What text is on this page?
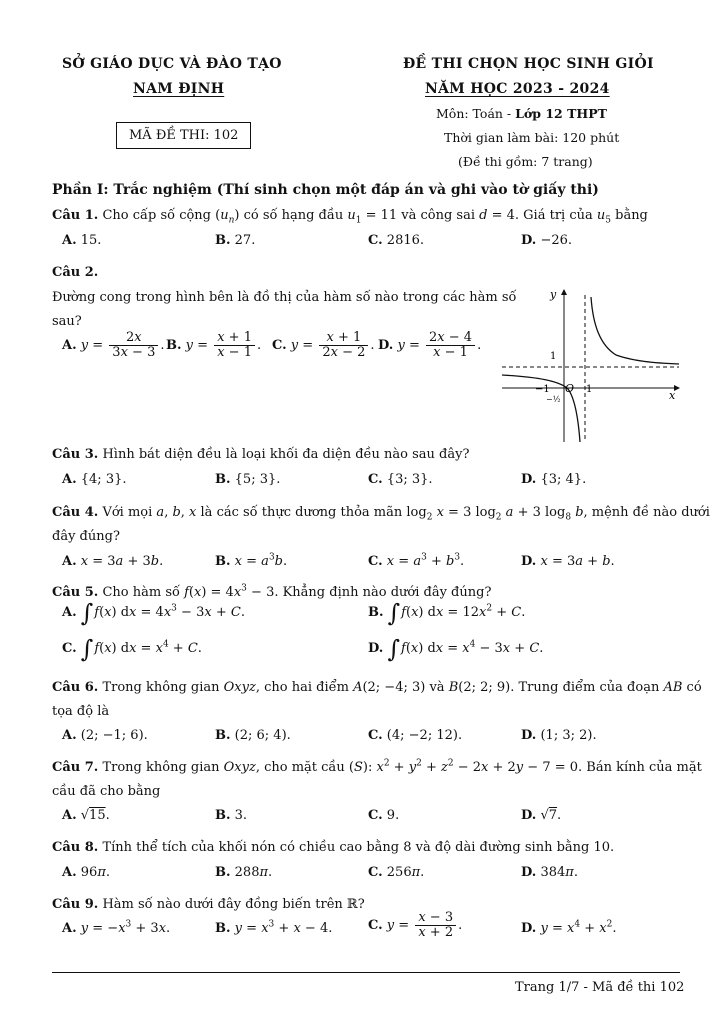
SỞ GIÁO DỤC VÀ ĐÀO TẠO
NAM ĐỊNH
MÃ ĐỀ THI: 102
ĐỀ THI CHỌN HỌC SINH GIỎI
NĂM HỌC 2023 - 2024
Môn: Toán - Lớp 12 THPT
Thời gian làm bài: 120 phút
(Đề thi gồm: 7 trang)
Phần I: Trắc nghiệm (Thí sinh chọn một đáp án và ghi vào tờ giấy thi)
Câu 1. Cho cấp số cộng $(u_n)$ có số hạng đầu $u_1 = 11$ và công sai d = 4. Giá trị của $u_5$ bằng
A. 15.	B. 27.	C. 2816.	D. −26.
Câu 2.
Đường cong trong hình bên là đồ thị của hàm số nào trong các hàm số
sau?
A. $y = \frac{2x}{3x - 3}$ . B. $y = \frac{x + 1}{x - 1}$ . C. $y = \frac{x + 1}{2x - 2}$ . D. $y = \frac{2x - 4}{x - 1}$ .
y
x
O
1
−1	1
−½
Câu 3. Hình bát diện đều là loại khối đa diện đều nào sau đây?
A. {4; 3}.	B. {5; 3}.	C. {3; 3}.	D. {3; 4}.
Câu 4. Với mọi a, b, x là các số thực dương thỏa mãn $\log_2 x = 3$ $\log_2 a + 3$ $\log_8 b$, mệnh đề nào dưới
đây đúng?
A. x = 3a + 3b.	B. $x = a^3b$.	C. $x = a^3 + b^3$.	D. x = 3a + b.
Câu 5. Cho hàm số $f(x) = 4x^3 - 3$. Khẳng định nào dưới đây đúng?
A. ∫f(x) dx = $4x^3 - 3x + C$.	B. ∫f(x) dx = $12x^2 + C$.
C. ∫f(x) dx = $x^4 + C$.	D. ∫f(x) dx = $x^4 - 3x + C$.
Câu 6. Trong không gian Oxyz, cho hai điểm A(2; −4; 3) và B(2; 2; 9). Trung điểm của đoạn AB có
tọa độ là
A. (2; −1; 6).	B. (2; 6; 4).	C. (4; −2; 12).	D. (1; 3; 2).
Câu 7. Trong không gian Oxyz, cho mặt cầu (S): $x^2 + y^2 + z^2 - 2x + 2y - 7 = 0$. Bán kính của mặt
cầu đã cho bằng
A. √15.	B. 3.	C. 9.	D. √7.
Câu 8. Tính thể tích của khối nón có chiều cao bằng 8 và độ dài đường sinh bằng 10.
A. 96π.	B. 288π.	C. 256π.	D. 384π.
Câu 9. Hàm số nào dưới đây đồng biến trên ℝ?
A. $y = -x^3 + 3x$.	B. $y = x^3 + x - 4$.	C. $y = \frac{x - 3}{x + 2}$ .	D. $y = x^4 + x^2$.
Trang 1/7 - Mã đề thi 102
